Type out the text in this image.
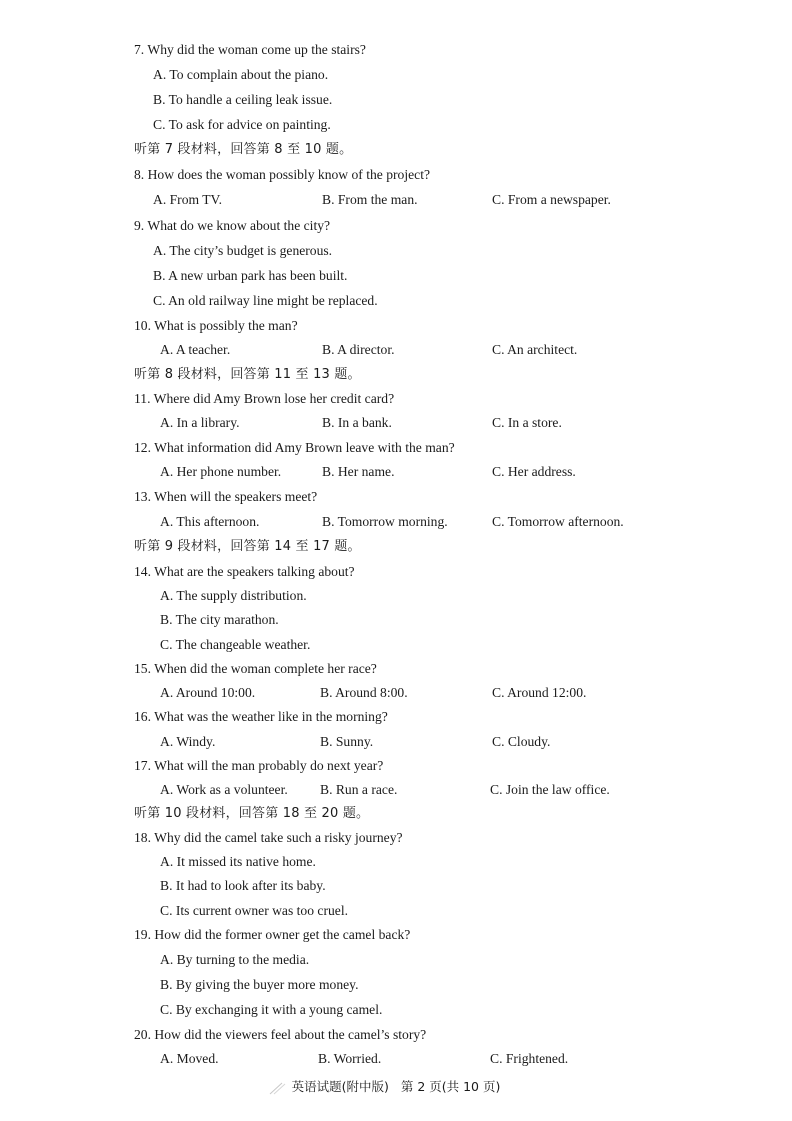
7. Why did the woman come up the stairs?
A. To complain about the piano.
B. To handle a ceiling leak issue.
C. To ask for advice on painting.
听第 7 段材料，回答第 8 至 10 题。
8. How does the woman possibly know of the project?
A. From TV.	B. From the man.	C. From a newspaper.
9. What do we know about the city?
A. The city’s budget is generous.
B. A new urban park has been built.
C. An old railway line might be replaced.
10. What is possibly the man?
A. A teacher.	B. A director.	C. An architect.
听第 8 段材料，回答第 11 至 13 题。
11. Where did Amy Brown lose her credit card?
A. In a library.	B. In a bank.	C. In a store.
12. What information did Amy Brown leave with the man?
A. Her phone number.	B. Her name.	C. Her address.
13. When will the speakers meet?
A. This afternoon.	B. Tomorrow morning.	C. Tomorrow afternoon.
听第 9 段材料，回答第 14 至 17 题。
14. What are the speakers talking about?
A. The supply distribution.
B. The city marathon.
C. The changeable weather.
15. When did the woman complete her race?
A. Around 10:00.	B. Around 8:00.	C. Around 12:00.
16. What was the weather like in the morning?
A. Windy.	B. Sunny.	C. Cloudy.
17. What will the man probably do next year?
A. Work as a volunteer. B. Run a race.	C. Join the law office.
听第 10 段材料，回答第 18 至 20 题。
18. Why did the camel take such a risky journey?
A. It missed its native home.
B. It had to look after its baby.
C. Its current owner was too cruel.
19. How did the former owner get the camel back?
A. By turning to the media.
B. By giving the buyer more money.
C. By exchanging it with a young camel.
20. How did the viewers feel about the camel’s story?
A. Moved.	B. Worried.	C. Frightened.
英语试题(附中版) 第 2 页(共 10 页)
